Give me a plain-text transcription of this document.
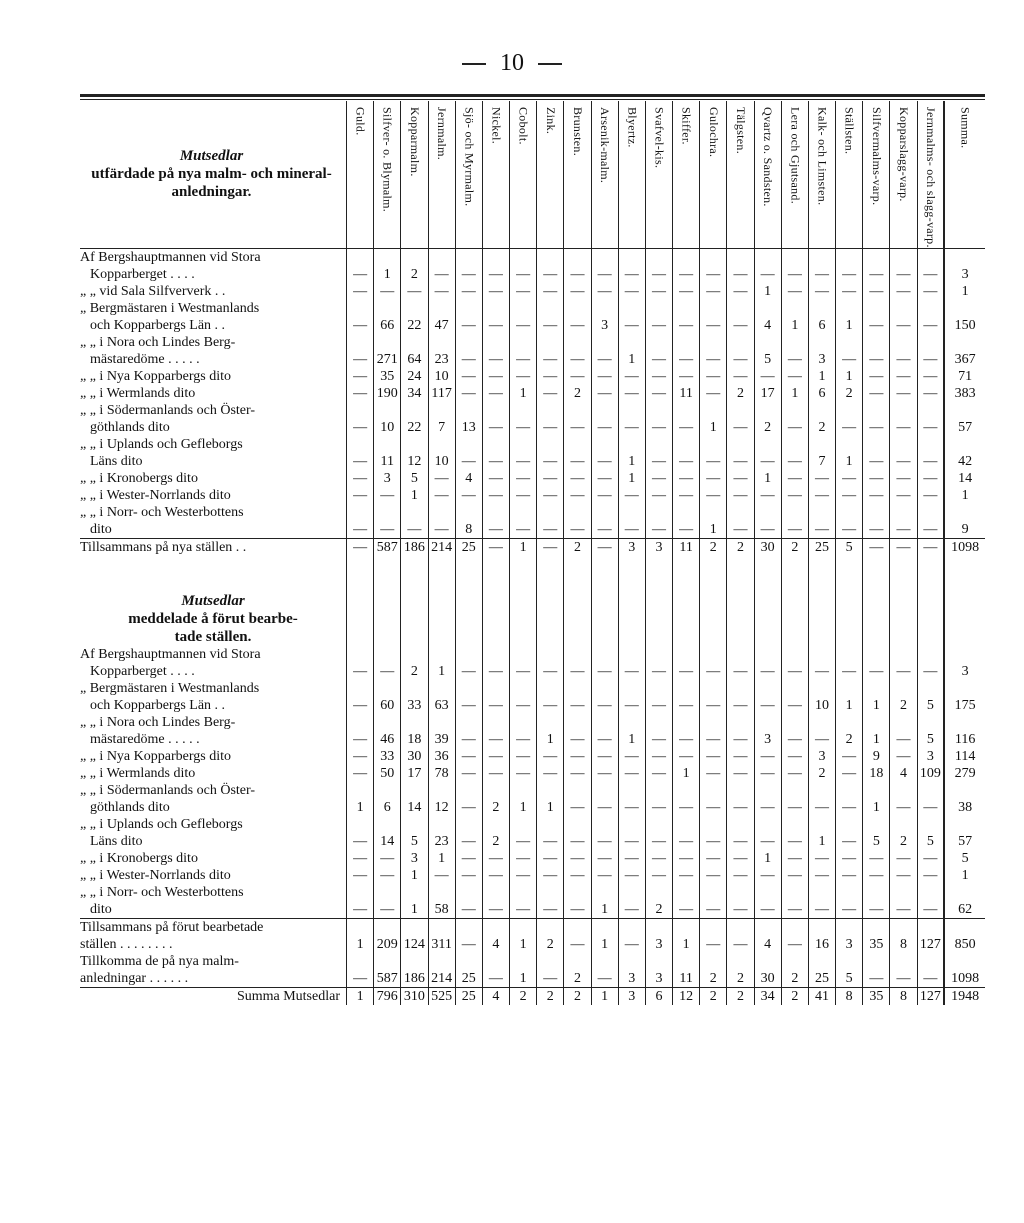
10
Mutsedlar
utfärdade på nya malm- och mineral-anledningar.	Guld.	Silfver- o. Blymalm.	Kopparmalm.	Jernmalm.	Sjö- och Myrmalm.	Nickel.	Cobolt.	Zink.	Brunsten.	Arsenik-malm.	Blyertz.	Svafvel-kis.	Skiffer.	Gulochra.	Tälgsten.	Qvartz o. Sandsten.	Lera och Gjutsand.	Kalk- och Limsten.	Ställsten.	Silfvermalms-varp.	Kopparslagg-varp.	Jernmalms- och slagg-varp.	Summa.

Af Bergshauptmannen vid Stora
Kopparberget . . . .	—	1	2	—	—	—	—	—	—	—	—	—	—	—	—	—	—	—	—	—	—	—	3

„ „ vid Sala Silfververk . .	—	—	—	—	—	—	—	—	—	—	—	—	—	—	—	1	—	—	—	—	—	—	1

„ Bergmästaren i Westmanlands
och Kopparbergs Län . .	—	66	22	47	—	—	—	—	—	3	—	—	—	—	—	4	1	6	1	—	—	—	150

„ „ i Nora och Lindes Berg-
mästaredöme . . . . .	—	271	64	23	—	—	—	—	—	—	1	—	—	—	—	5	—	3	—	—	—	—	367

„ „ i Nya Kopparbergs dito	—	35	24	10	—	—	—	—	—	—	—	—	—	—	—	—	—	1	1	—	—	—	71

„ „ i Wermlands dito	—	190	34	117	—	—	1	—	2	—	—	—	11	—	2	17	1	6	2	—	—	—	383

„ „ i Södermanlands och Öster-
göthlands dito	—	10	22	7	13	—	—	—	—	—	—	—	—	1	—	2	—	2	—	—	—	—	57

„ „ i Uplands och Gefleborgs
Läns dito	—	11	12	10	—	—	—	—	—	—	1	—	—	—	—	—	—	7	1	—	—	—	42

„ „ i Kronobergs dito	—	3	5	—	4	—	—	—	—	—	1	—	—	—	—	1	—	—	—	—	—	—	14

„ „ i Wester-Norrlands dito	—	—	1	—	—	—	—	—	—	—	—	—	—	—	—	—	—	—	—	—	—	—	1

„ „ i Norr- och Westerbottens
dito	—	—	—	—	8	—	—	—	—	—	—	—	—	1	—	—	—	—	—	—	—	—	9

Tillsammans på nya ställen . .	—	587	186	214	25	—	1	—	2	—	3	3	11	2	2	30	2	25	5	—	—	—	1098

Mutsedlar
meddelade å förut bearbe-
tade ställen.																							

Af Bergshauptmannen vid Stora
Kopparberget . . . .	—	—	2	1	—	—	—	—	—	—	—	—	—	—	—	—	—	—	—	—	—	—	3

„ Bergmästaren i Westmanlands
och Kopparbergs Län . .	—	60	33	63	—	—	—	—	—	—	—	—	—	—	—	—	—	10	1	1	2	5	175

„ „ i Nora och Lindes Berg-
mästaredöme . . . . .	—	46	18	39	—	—	—	1	—	—	1	—	—	—	—	3	—	—	2	1	—	5	116

„ „ i Nya Kopparbergs dito	—	33	30	36	—	—	—	—	—	—	—	—	—	—	—	—	—	3	—	9	—	3	114

„ „ i Wermlands dito	—	50	17	78	—	—	—	—	—	—	—	—	1	—	—	—	—	2	—	18	4	109	279

„ „ i Södermanlands och Öster-
göthlands dito	1	6	14	12	—	2	1	1	—	—	—	—	—	—	—	—	—	—	—	1	—	—	38

„ „ i Uplands och Gefleborgs
Läns dito	—	14	5	23	—	2	—	—	—	—	—	—	—	—	—	—	—	1	—	5	2	5	57

„ „ i Kronobergs dito	—	—	3	1	—	—	—	—	—	—	—	—	—	—	—	1	—	—	—	—	—	—	5

„ „ i Wester-Norrlands dito	—	—	1	—	—	—	—	—	—	—	—	—	—	—	—	—	—	—	—	—	—	—	1

„ „ i Norr- och Westerbottens
dito	—	—	1	58	—	—	—	—	—	1	—	2	—	—	—	—	—	—	—	—	—	—	62

Tillsammans på förut bearbetade
ställen . . . . . . . .	1	209	124	311	—	4	1	2	—	1	—	3	1	—	—	4	—	16	3	35	8	127	850

Tillkomma de på nya malm-
anledningar . . . . . .	—	587	186	214	25	—	1	—	2	—	3	3	11	2	2	30	2	25	5	—	—	—	1098

Summa Mutsedlar	1	796	310	525	25	4	2	2	2	1	3	6	12	2	2	34	2	41	8	35	8	127	1948
